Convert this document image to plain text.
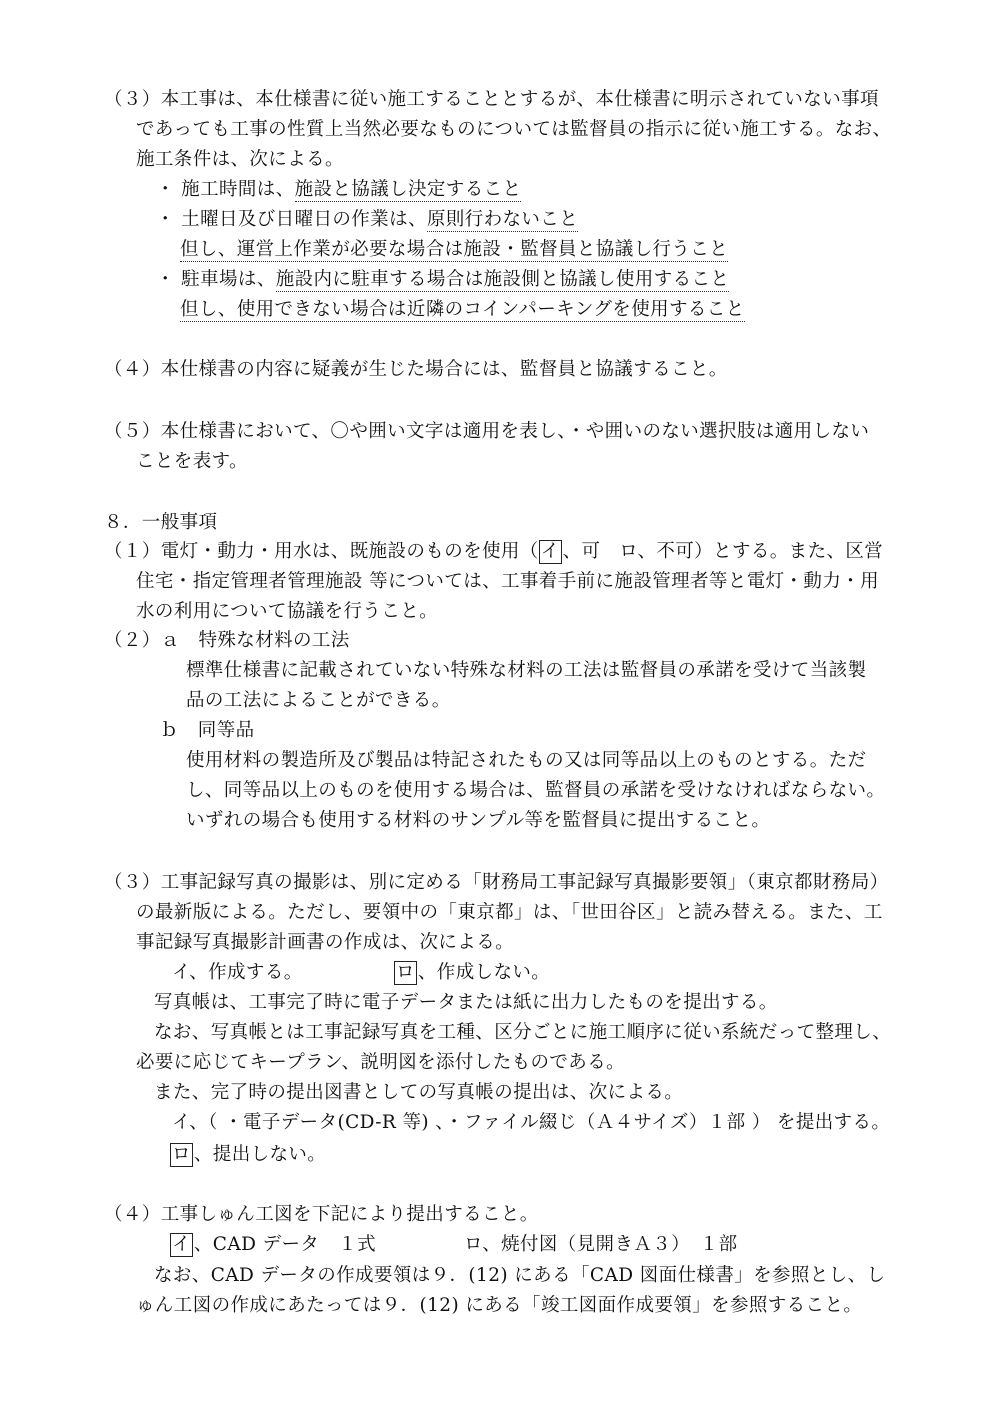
（３）本工事は、本仕様書に従い施工することとするが、本仕様書に明示されていない事項
であっても工事の性質上当然必要なものについては監督員の指示に従い施工する。なお、
施工条件は、次による。
・ 施工時間は、施設と協議し決定すること
・ 土曜日及び日曜日の作業は、原則行わないこと
但し、運営上作業が必要な場合は施設・監督員と協議し行うこと
・ 駐車場は、施設内に駐車する場合は施設側と協議し使用すること
但し、使用できない場合は近隣のコインパーキングを使用すること
（４）本仕様書の内容に疑義が生じた場合には、監督員と協議すること。
（５）本仕様書において、〇や囲い文字は適用を表し、・や囲いのない選択肢は適用しない
ことを表す。
８．一般事項
（１）電灯・動力・用水は、既施設のものを使用（ イ 、可　ロ、不可）とする。また、区営
住宅・指定管理者管理施設 等については、工事着手前に施設管理者等と電灯・動力・用
水の利用について協議を行うこと。
（２）ａ　特殊な材料の工法
標準仕様書に記載されていない特殊な材料の工法は監督員の承諾を受けて当該製
品の工法によることができる。
ｂ　同等品
使用材料の製造所及び製品は特記されたもの又は同等品以上のものとする。ただ
し、同等品以上のものを使用する場合は、監督員の承諾を受けなければならない。
いずれの場合も使用する材料のサンプル等を監督員に提出すること。
（３）工事記録写真の撮影は、別に定める「財務局工事記録写真撮影要領」（東京都財務局）
の最新版による。ただし、要領中の「東京都」は、「世田谷区」と読み替える。また、工
事記録写真撮影計画書の作成は、次による。
イ、作成する。	ロ 、作成しない。
写真帳は、工事完了時に電子データまたは紙に出力したものを提出する。
なお、写真帳とは工事記録写真を工種、区分ごとに施工順序に従い系統だって整理し、
必要に応じてキープラン、説明図を添付したものである。
また、完了時の提出図書としての写真帳の提出は、次による。
イ、（ ・電子データ(CD-R 等) 、・ファイル綴じ（Ａ４サイズ）１部 ） を提出する。
ロ 、提出しない。
（４）工事しゅん工図を下記により提出すること。
イ 、CAD データ　１式	ロ、焼付図（見開きＡ３）　１部
なお、CAD データの作成要領は９．(12) にある「CAD 図面仕様書」を参照とし、し
ゅん工図の作成にあたっては９．(12) にある「竣工図面作成要領」を参照すること。
